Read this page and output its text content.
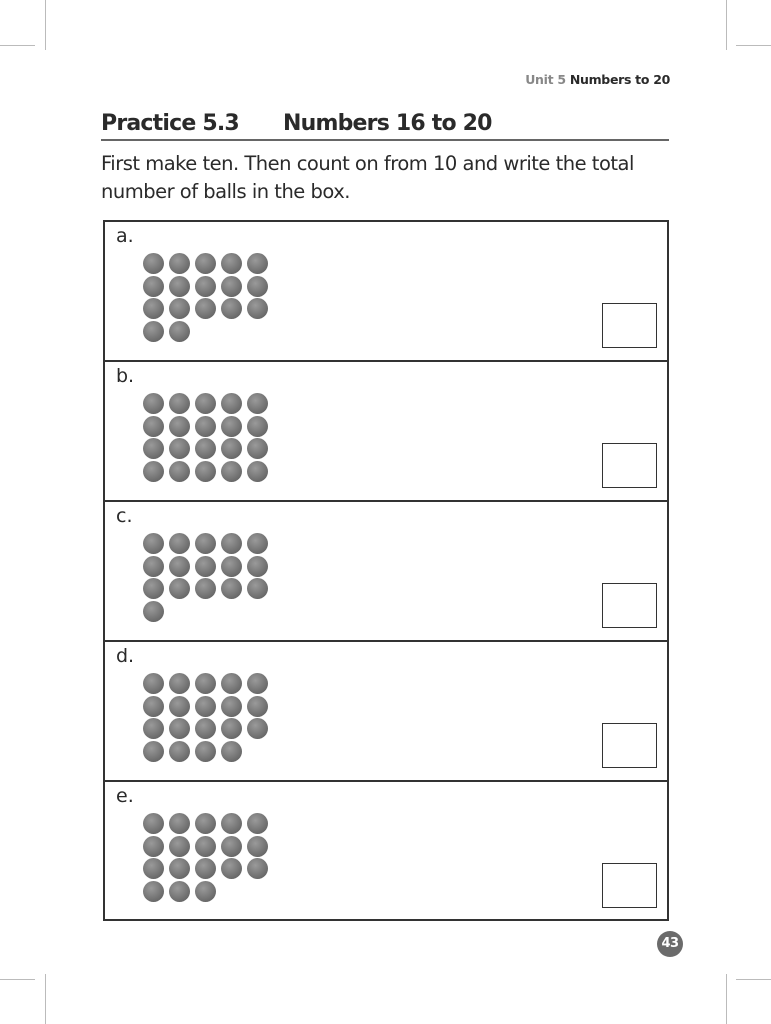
Unit 5 Numbers to 20
Practice 5.3 Numbers 16 to 20
First make ten. Then count on from 10 and write the total number of balls in the box.
a.
b.
c.
d.
e.
43
